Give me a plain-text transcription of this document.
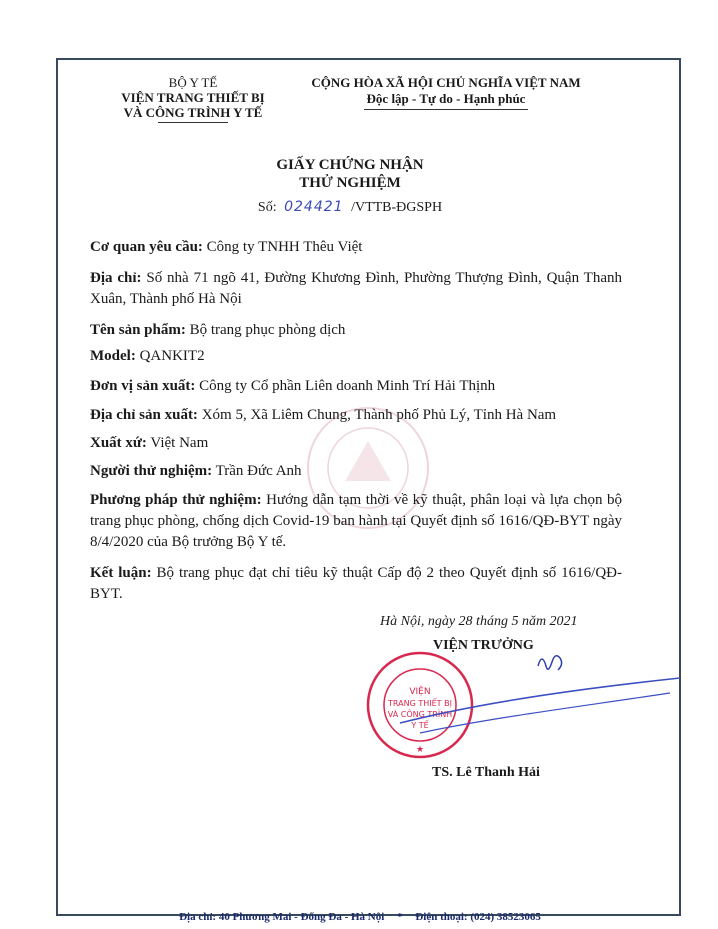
BỘ Y TẾ
VIỆN TRANG THIẾT BỊ
VÀ CÔNG TRÌNH Y TẾ
CỘNG HÒA XÃ HỘI CHỦ NGHĨA VIỆT NAM
Độc lập - Tự do - Hạnh phúc
GIẤY CHỨNG NHẬN
THỬ NGHIỆM
Số: 024421 /VTTB-ĐGSPH
Cơ quan yêu cầu: Công ty TNHH Thêu Việt
Địa chỉ: Số nhà 71 ngõ 41, Đường Khương Đình, Phường Thượng Đình, Quận Thanh Xuân, Thành phố Hà Nội
Tên sản phẩm: Bộ trang phục phòng dịch
Model: QANKIT2
Đơn vị sản xuất: Công ty Cổ phần Liên doanh Minh Trí Hải Thịnh
Địa chỉ sản xuất: Xóm 5, Xã Liêm Chung, Thành phố Phủ Lý, Tỉnh Hà Nam
Xuất xứ: Việt Nam
Người thử nghiệm: Trần Đức Anh
Phương pháp thử nghiệm: Hướng dẫn tạm thời về kỹ thuật, phân loại và lựa chọn bộ trang phục phòng, chống dịch Covid-19 ban hành tại Quyết định số 1616/QĐ-BYT ngày 8/4/2020 của Bộ trưởng Bộ Y tế.
Kết luận: Bộ trang phục đạt chỉ tiêu kỹ thuật Cấp độ 2 theo Quyết định số 1616/QĐ-BYT.
Hà Nội, ngày 28 tháng 5 năm 2021
VIỆN
TRANG THIẾT BỊ
VÀ CÔNG TRÌNH
Y TẾ
★
VIỆN TRƯỞNG
TS. Lê Thanh Hải
Địa chỉ: 40 Phương Mai - Đống Đa - Hà Nội * Điện thoại: (024) 38523065
